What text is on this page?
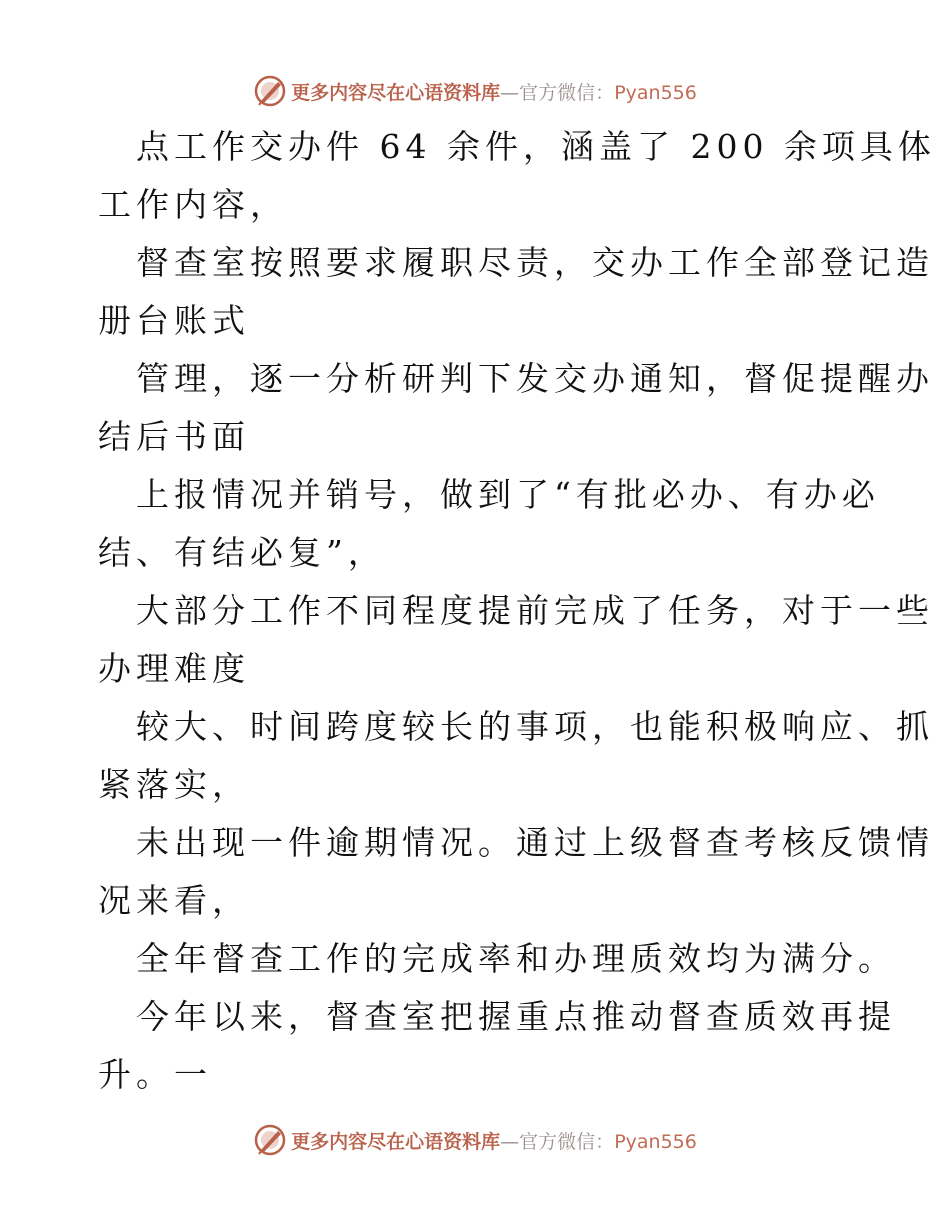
更多内容尽在心语资料库—官方微信：Pyan556
点工作交办件 64 余件，涵盖了 200 余项具体
工作内容，
督查室按照要求履职尽责，交办工作全部登记造
册台账式
管理，逐一分析研判下发交办通知，督促提醒办
结后书面
上报情况并销号，做到了“有批必办、有办必
结、有结必复”，
大部分工作不同程度提前完成了任务，对于一些
办理难度
较大、时间跨度较长的事项，也能积极响应、抓
紧落实，
未出现一件逾期情况。通过上级督查考核反馈情
况来看，
全年督查工作的完成率和办理质效均为满分。
今年以来，督查室把握重点推动督查质效再提
升。一
更多内容尽在心语资料库—官方微信：Pyan556
